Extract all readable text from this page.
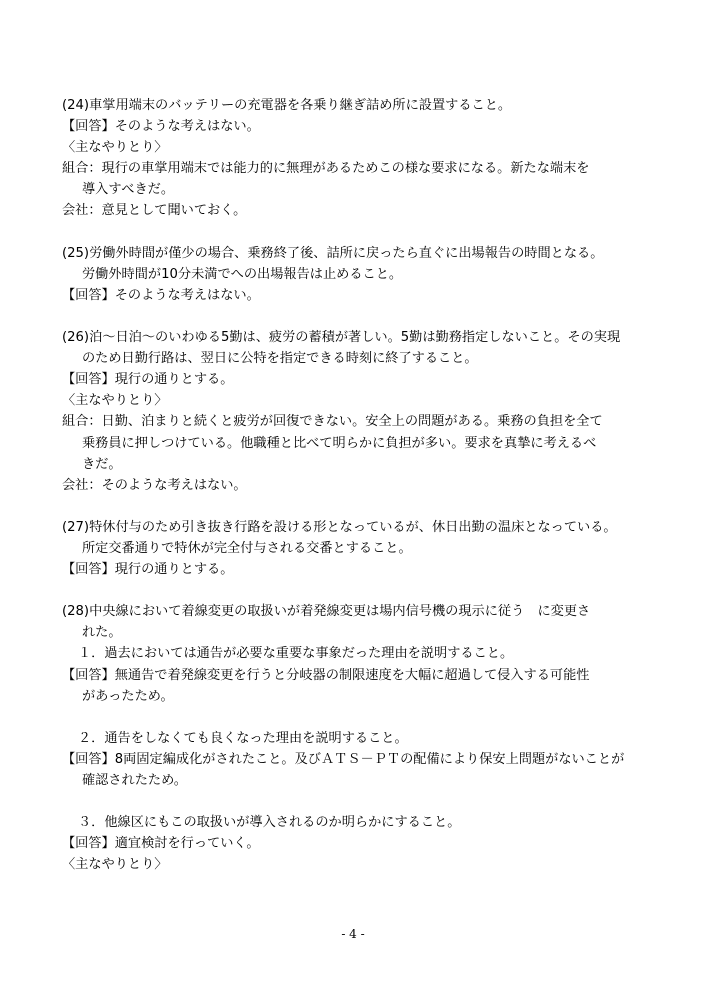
(24)車掌用端末のバッテリーの充電器を各乗り継ぎ詰め所に設置すること。
【回答】そのような考えはない。
〈主なやりとり〉
組合：現行の車掌用端末では能力的に無理があるためこの様な要求になる。新たな端末を
導入すべきだ。
会社：意見として聞いておく。
(25)労働外時間が僅少の場合、乗務終了後、詰所に戻ったら直ぐに出場報告の時間となる。
労働外時間が10分未満でへの出場報告は止めること。
【回答】そのような考えはない。
(26)泊～日泊～のいわゆる5勤は、疲労の蓄積が著しい。5勤は勤務指定しないこと。その実現
のため日勤行路は、翌日に公特を指定できる時刻に終了すること。
【回答】現行の通りとする。
〈主なやりとり〉
組合：日勤、泊まりと続くと疲労が回復できない。安全上の問題がある。乗務の負担を全て
乗務員に押しつけている。他職種と比べて明らかに負担が多い。要求を真摯に考えるべ
きだ。
会社：そのような考えはない。
(27)特休付与のため引き抜き行路を設ける形となっているが、休日出勤の温床となっている。
所定交番通りで特休が完全付与される交番とすること。
【回答】現行の通りとする。
(28)中央線において着線変更の取扱いが着発線変更は場内信号機の現示に従う　に変更さ
れた。
１．過去においては通告が必要な重要な事象だった理由を説明すること。
【回答】無通告で着発線変更を行うと分岐器の制限速度を大幅に超過して侵入する可能性
があったため。
２．通告をしなくても良くなった理由を説明すること。
【回答】8両固定編成化がされたこと。及びＡＴＳ－ＰＴの配備により保安上問題がないことが
確認されたため。
３．他線区にもこの取扱いが導入されるのか明らかにすること。
【回答】適宜検討を行っていく。
〈主なやりとり〉
- 4 -
